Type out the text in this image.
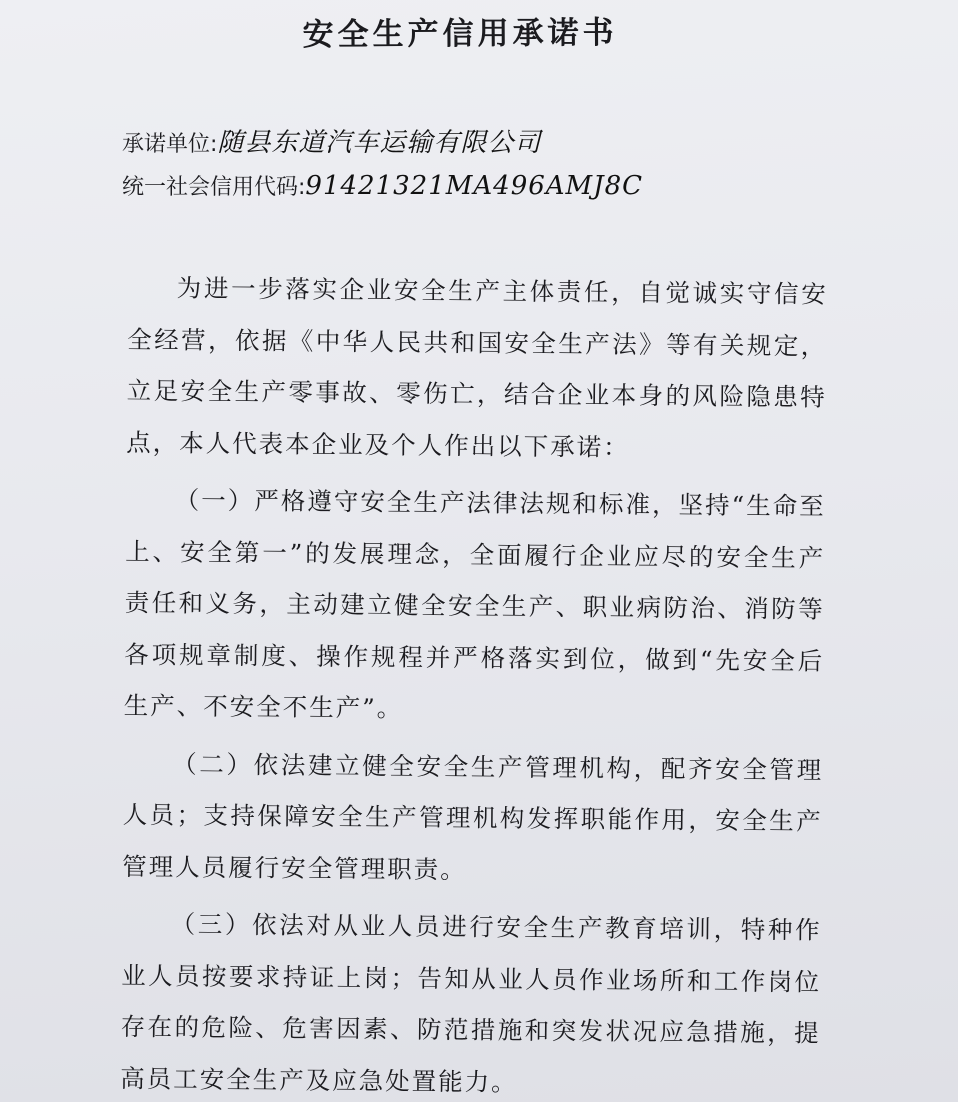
安全生产信用承诺书
承诺单位:随县东道汽车运输有限公司
统一社会信用代码:91421321MA496AMJ8C

为进一步落实企业安全生产主体责任，自觉诚实守信安全经营，依据《中华人民共和国安全生产法》等有关规定，立足安全生产零事故、零伤亡，结合企业本身的风险隐患特点，本人代表本企业及个人作出以下承诺：

（一）严格遵守安全生产法律法规和标准，坚持“生命至上、安全第一”的发展理念，全面履行企业应尽的安全生产责任和义务，主动建立健全安全生产、职业病防治、消防等各项规章制度、操作规程并严格落实到位，做到“先安全后生产、不安全不生产”。

（二）依法建立健全安全生产管理机构，配齐安全管理人员；支持保障安全生产管理机构发挥职能作用，安全生产管理人员履行安全管理职责。

（三）依法对从业人员进行安全生产教育培训，特种作业人员按要求持证上岗；告知从业人员作业场所和工作岗位存在的危险、危害因素、防范措施和突发状况应急措施，提高员工安全生产及应急处置能力。
